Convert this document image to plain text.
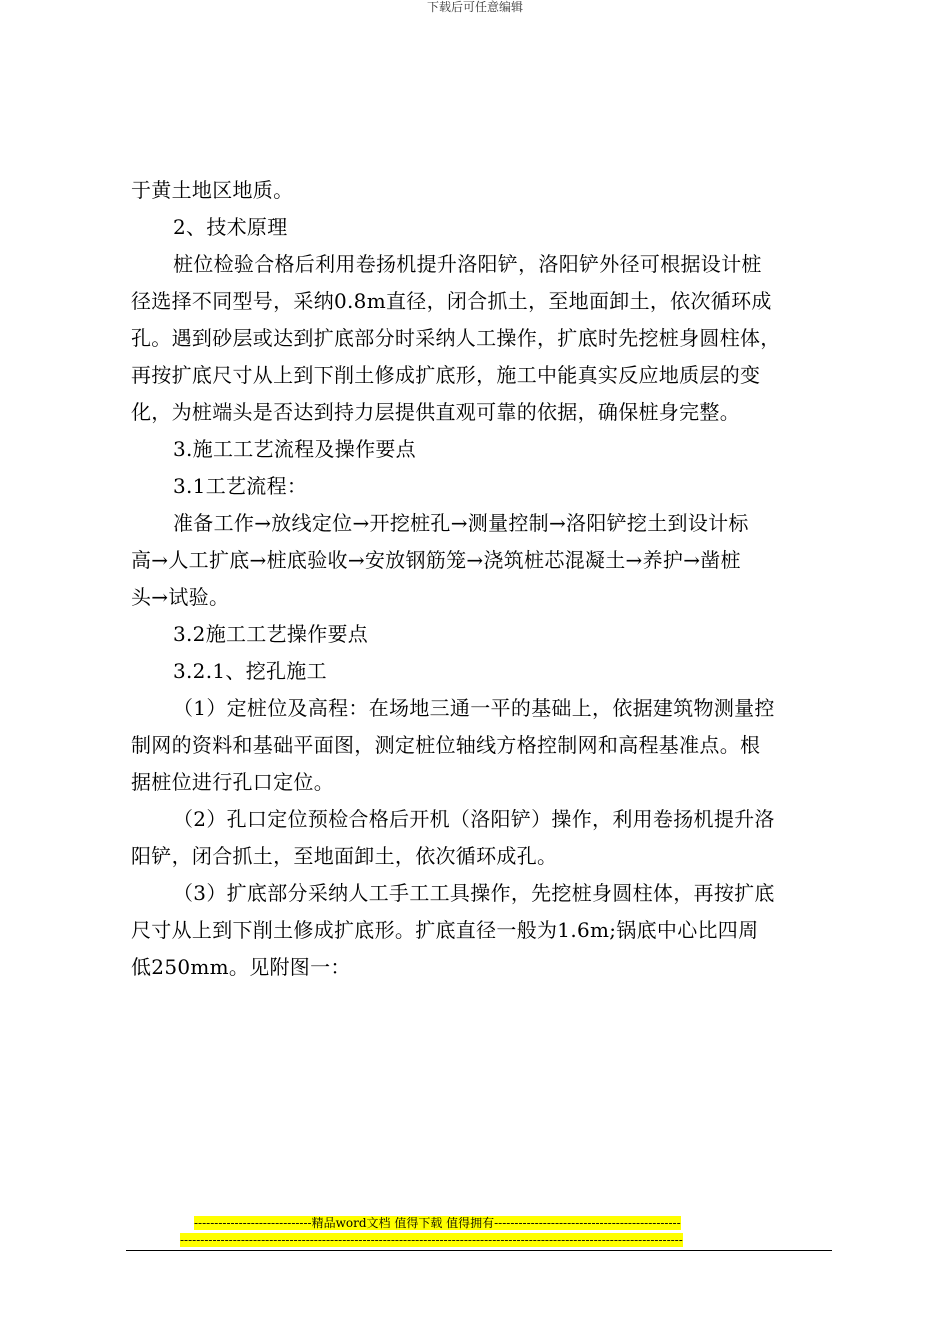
下载后可任意编辑

于黄土地区地质。

2、技术原理

桩位检验合格后利用卷扬机提升洛阳铲，洛阳铲外径可根据设计桩

径选择不同型号，采纳0.8m直径，闭合抓土，至地面卸土，依次循环成

孔。遇到砂层或达到扩底部分时采纳人工操作，扩底时先挖桩身圆柱体，

再按扩底尺寸从上到下削土修成扩底形，施工中能真实反应地质层的变

化，为桩端头是否达到持力层提供直观可靠的依据，确保桩身完整。

3.施工工艺流程及操作要点

3.1工艺流程：

准备工作→放线定位→开挖桩孔→测量控制→洛阳铲挖土到设计标

高→人工扩底→桩底验收→安放钢筋笼→浇筑桩芯混凝土→养护→凿桩

头→试验。

3.2施工工艺操作要点

3.2.1、挖孔施工

（1）定桩位及高程：在场地三通一平的基础上，依据建筑物测量控

制网的资料和基础平面图，测定桩位轴线方格控制网和高程基准点。根

据桩位进行孔口定位。

（2）孔口定位预检合格后开机（洛阳铲）操作，利用卷扬机提升洛

阳铲，闭合抓土，至地面卸土，依次循环成孔。

（3）扩底部分采纳人工手工工具操作，先挖桩身圆柱体，再按扩底

尺寸从上到下削土修成扩底形。扩底直径一般为1.6m;锅底中心比四周

低250mm。见附图一：

-----------------------------精品word文档 值得下载 值得拥有----------------------------------------------
----------------------------------------------------------------------------------------------------------------------------
